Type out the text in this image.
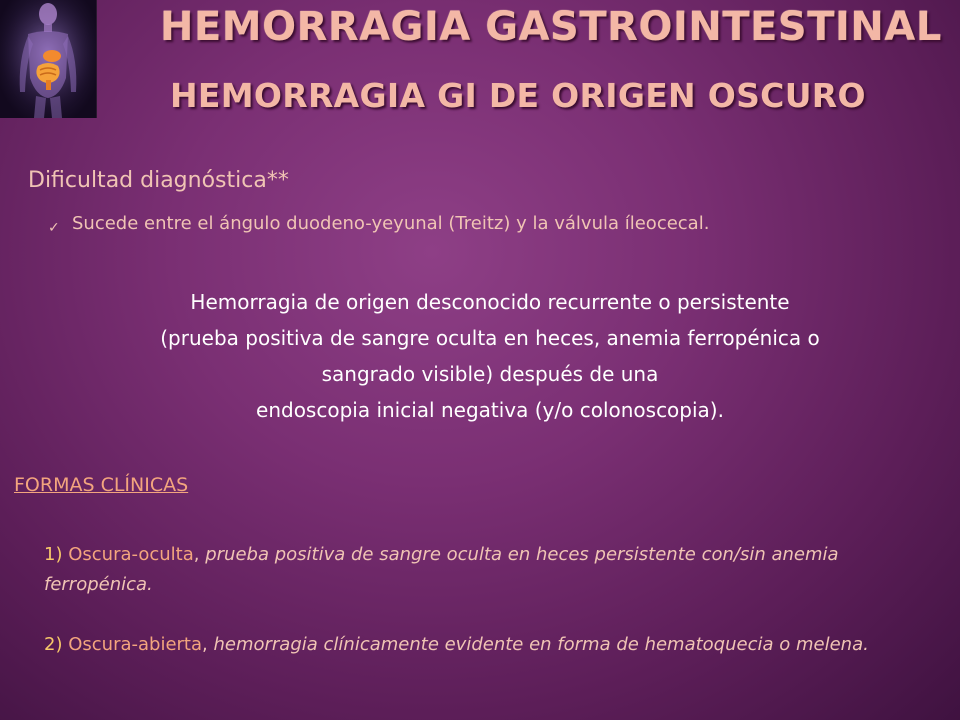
HEMORRAGIA GASTROINTESTINAL
HEMORRAGIA GI DE ORIGEN OSCURO
Dificultad diagnóstica**
✓ Sucede entre el ángulo duodeno-yeyunal (Treitz) y la válvula íleocecal.
Hemorragia de origen desconocido recurrente o persistente
(prueba positiva de sangre oculta en heces, anemia ferropénica o
sangrado visible) después de una
endoscopia inicial negativa (y/o colonoscopia).
FORMAS CLÍNICAS
1) Oscura-oculta, prueba positiva de sangre oculta en heces persistente con/sin anemia ferropénica.
2) Oscura-abierta, hemorragia clínicamente evidente en forma de hematoquecia o melena.
